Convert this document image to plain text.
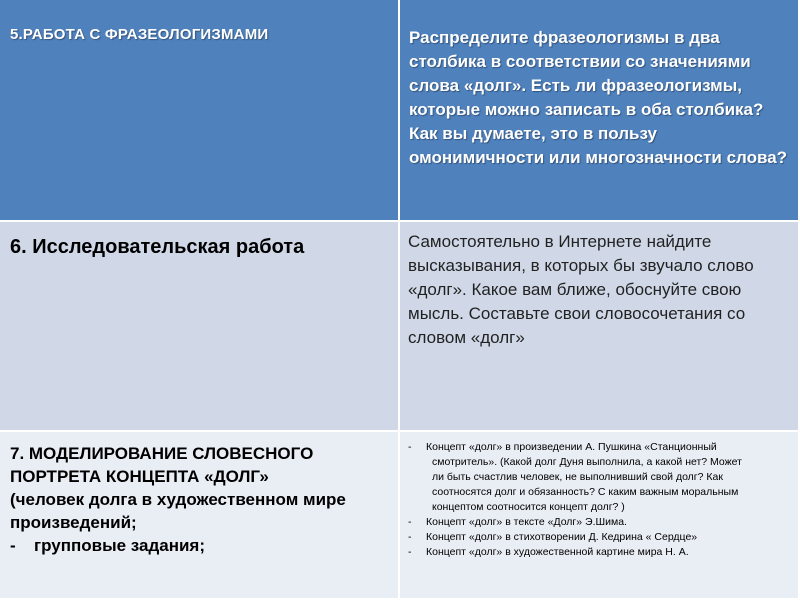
5.РАБОТА С ФРАЗЕОЛОГИЗМАМИ	Распределите фразеологизмы в два столбика в соответствии со значениями слова «долг». Есть ли фразеологизмы, которые можно записать в оба столбика? Как вы думаете, это в пользу омонимичности или многозначности слова?
6. Исследовательская работа	Самостоятельно в Интернете найдите высказывания, в которых бы звучало слово «долг». Какое вам ближе, обоснуйте свою мысль. Составьте свои словосочетания со словом «долг»
7. МОДЕЛИРОВАНИЕ СЛОВЕСНОГО ПОРТРЕТА КОНЦЕПТА «ДОЛГ»
(человек долга в художественном мире произведений;
- групповые задания;
- Концепт «долг» в произведении А. Пушкина «Станционный
смотритель». (Какой долг Дуня выполнила, а какой нет? Может
ли быть счастлив человек, не выполнивший свой долг? Как
соотносятся долг и обязанность? С каким важным моральным
концептом соотносится концепт долг? )
- Концепт «долг» в тексте «Долг» Э.Шима.
- Концепт «долг» в стихотворении Д. Кедрина « Сердце»
- Концепт «долг» в художественной картине мира Н. А.
